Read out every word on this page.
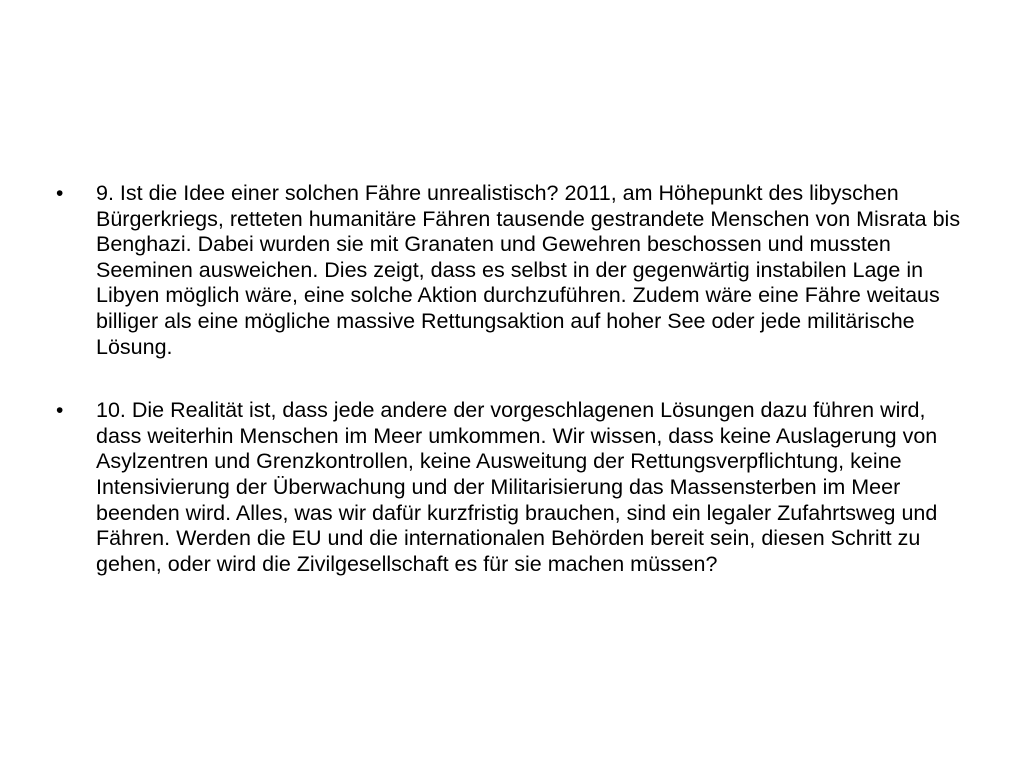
•	9. Ist die Idee einer solchen Fähre unrealistisch? 2011, am Höhepunkt des libyschen Bürgerkriegs, retteten humanitäre Fähren tausende gestrandete Menschen von Misrata bis Benghazi. Dabei wurden sie mit Granaten und Gewehren beschossen und mussten Seeminen ausweichen. Dies zeigt, dass es selbst in der gegenwärtig instabilen Lage in Libyen möglich wäre, eine solche Aktion durchzuführen. Zudem wäre eine Fähre weitaus billiger als eine mögliche massive Rettungsaktion auf hoher See oder jede militärische Lösung.

•	10. Die Realität ist, dass jede andere der vorgeschlagenen Lösungen dazu führen wird, dass weiterhin Menschen im Meer umkommen. Wir wissen, dass keine Auslagerung von Asylzentren und Grenzkontrollen, keine Ausweitung der Rettungsverpflichtung, keine Intensivierung der Überwachung und der Militarisierung das Massensterben im Meer beenden wird. Alles, was wir dafür kurzfristig brauchen, sind ein legaler Zufahrtsweg und Fähren. Werden die EU und die internationalen Behörden bereit sein, diesen Schritt zu gehen, oder wird die Zivilgesellschaft es für sie machen müssen?
